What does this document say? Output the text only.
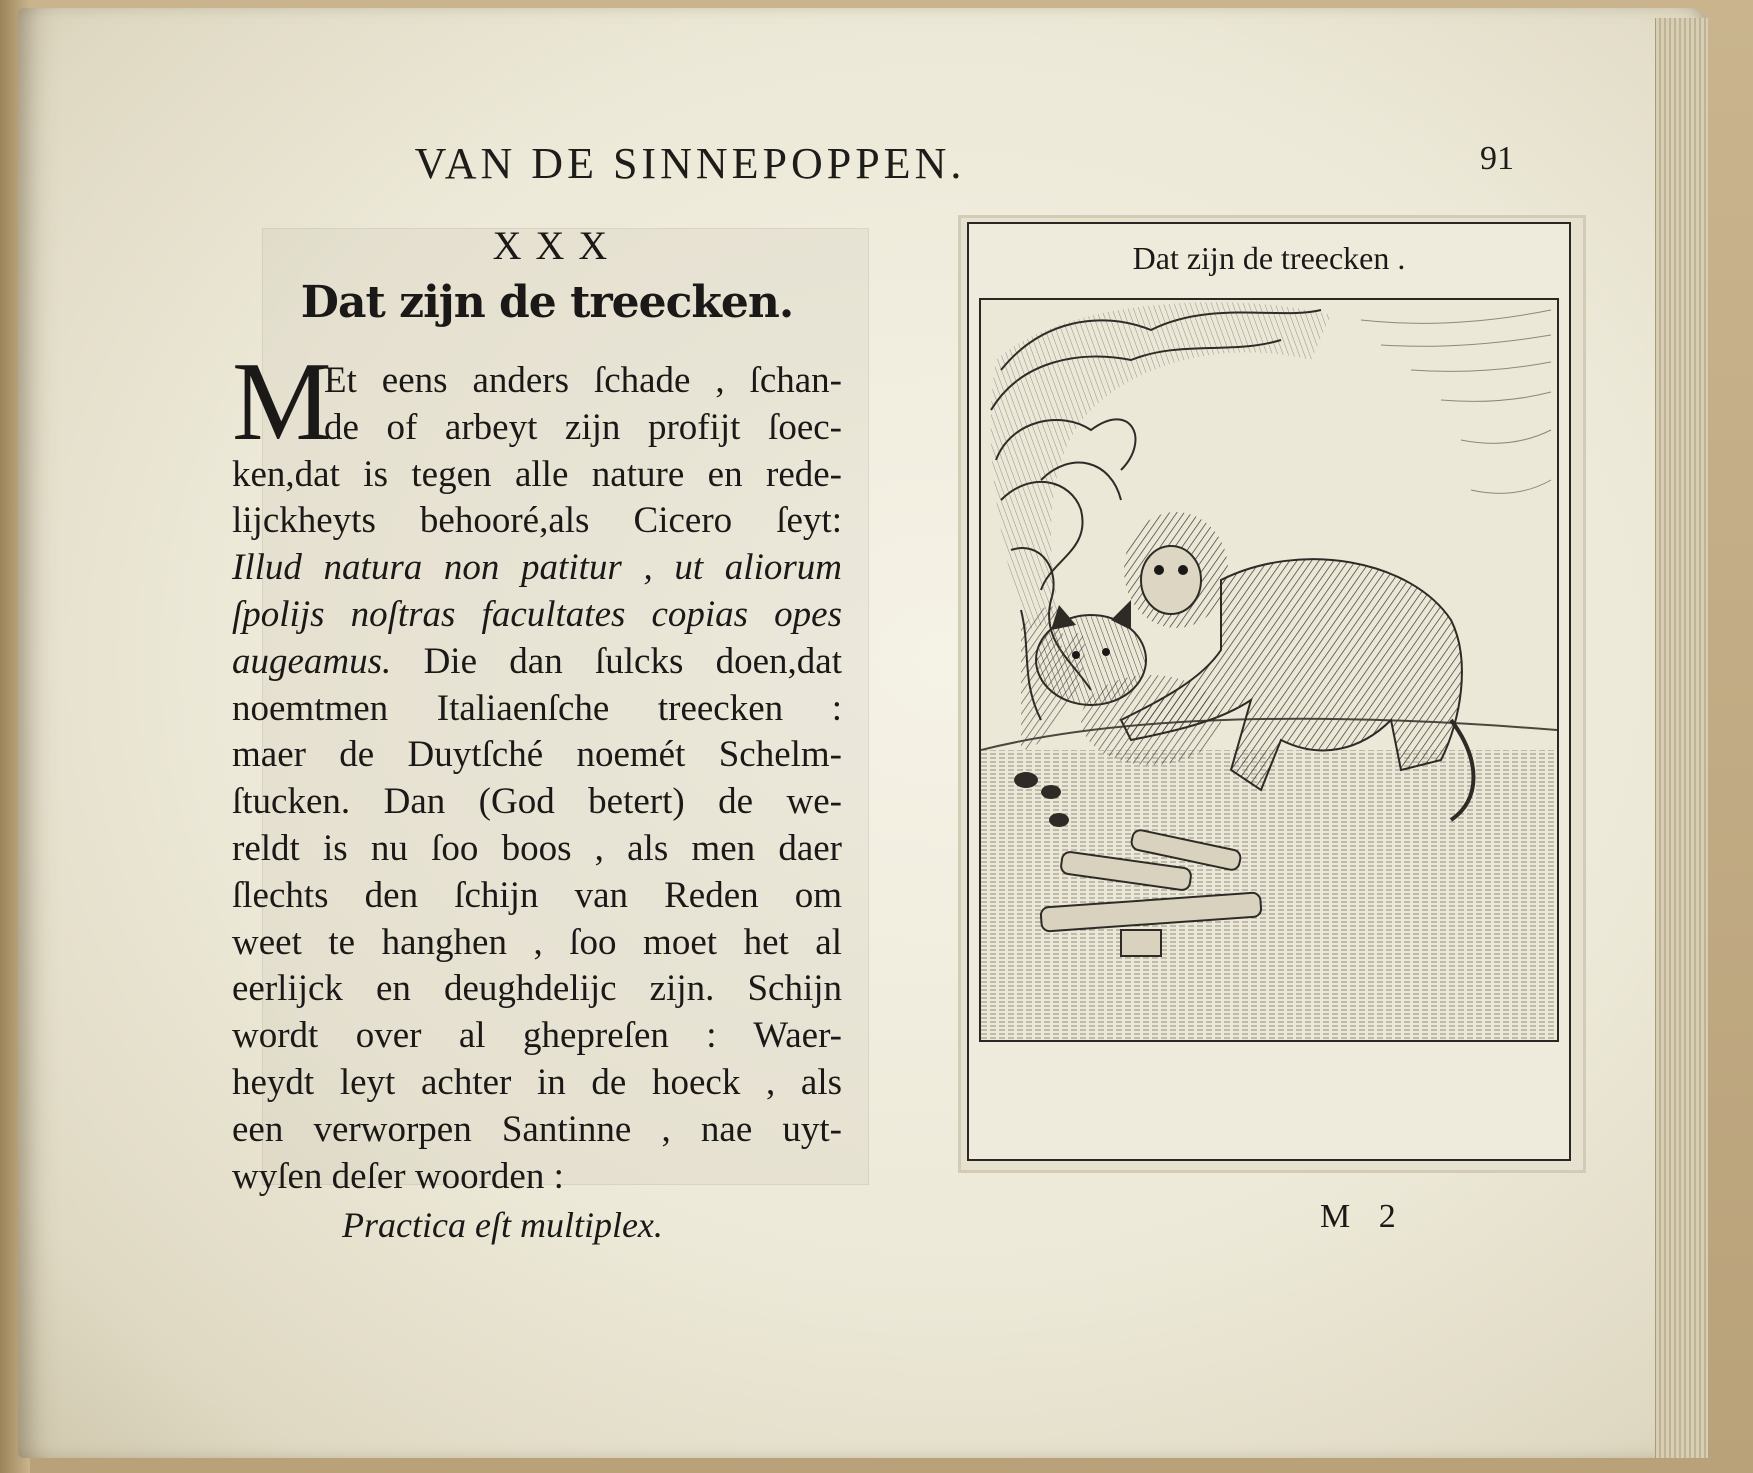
VAN DE SINNEPOPPEN.	91
XXX
Dat zijn de treecken.
M
Et eens anders ſchade , ſchan-
de of arbeyt zijn profijt ſoec-
ken,dat is tegen alle nature en rede-
lijckheyts behooré,als Cicero ſeyt:
Illud natura non patitur , ut aliorum
ſpolijs noſtras facultates copias opes
augeamus. Die dan ſulcks doen,dat
noemtmen Italiaenſche treecken :
maer de Duytſché noemét Schelm-
ſtucken. Dan (God betert) de we-
reldt is nu ſoo boos , als men daer
ſlechts den ſchijn van Reden om
weet te hanghen , ſoo moet het al
eerlijck en deughdelijc zijn. Schijn
wordt over al ghepreſen : Waer-
heydt leyt achter in de hoeck , als
een verworpen Santinne , nae uyt-
wyſen deſer woorden :
Practica eſt multiplex.
Dat zijn de treecken .
M 2
